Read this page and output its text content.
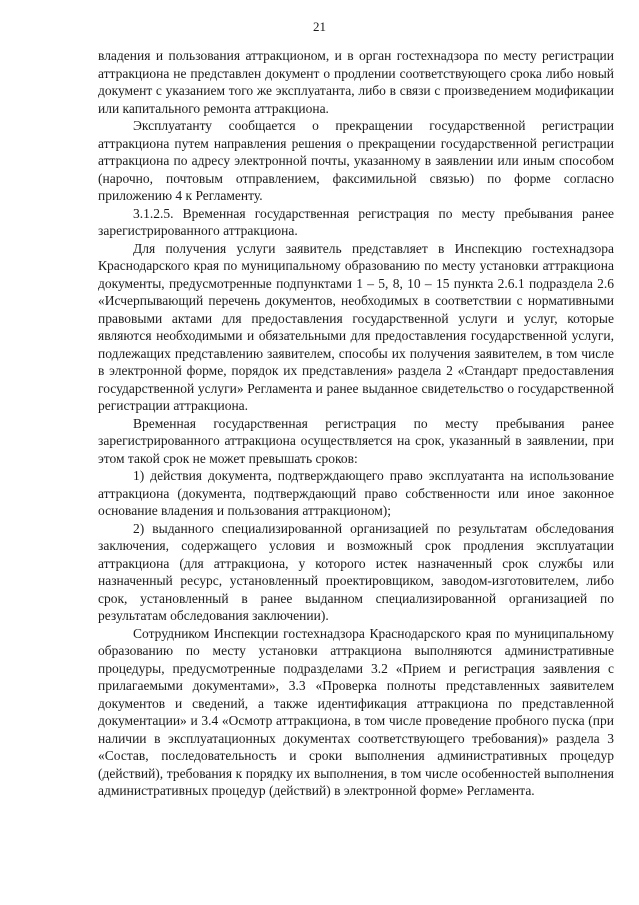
21

владения и пользования аттракционом, и в орган гостехнадзора по месту регистрации аттракциона не представлен документ о продлении соответствующего срока либо новый документ с указанием того же эксплуатанта, либо в связи с произведением модификации или капитального ремонта аттракциона.

Эксплуатанту сообщается о прекращении государственной регистрации аттракциона путем направления решения о прекращении государственной регистрации аттракциона по адресу электронной почты, указанному в заявлении или иным способом (нарочно, почтовым отправлением, факсимильной связью) по форме согласно приложению 4 к Регламенту.

3.1.2.5. Временная государственная регистрация по месту пребывания ранее зарегистрированного аттракциона.

Для получения услуги заявитель представляет в Инспекцию гостехнадзора Краснодарского края по муниципальному образованию по месту установки аттракциона документы, предусмотренные подпунктами 1 – 5, 8, 10 – 15 пункта 2.6.1 подраздела 2.6 «Исчерпывающий перечень документов, необходимых в соответствии с нормативными правовыми актами для предоставления государственной услуги и услуг, которые являются необходимыми и обязательными для предоставления государственной услуги, подлежащих представлению заявителем, способы их получения заявителем, в том числе в электронной форме, порядок их представления» раздела 2 «Стандарт предоставления государственной услуги» Регламента и ранее выданное свидетельство о государственной регистрации аттракциона.

Временная государственная регистрация по месту пребывания ранее зарегистрированного аттракциона осуществляется на срок, указанный в заявлении, при этом такой срок не может превышать сроков:

1) действия документа, подтверждающего право эксплуатанта на использование аттракциона (документа, подтверждающий право собственности или иное законное основание владения и пользования аттракционом);

2) выданного специализированной организацией по результатам обследования заключения, содержащего условия и возможный срок продления эксплуатации аттракциона (для аттракциона, у которого истек назначенный срок службы или назначенный ресурс, установленный проектировщиком, заводом-изготовителем, либо срок, установленный в ранее выданном специализированной организацией по результатам обследования заключении).

Сотрудником Инспекции гостехнадзора Краснодарского края по муниципальному образованию по месту установки аттракциона выполняются административные процедуры, предусмотренные подразделами 3.2 «Прием и регистрация заявления с прилагаемыми документами», 3.3 «Проверка полноты представленных заявителем документов и сведений, а также идентификация аттракциона по представленной документации» и 3.4 «Осмотр аттракциона, в том числе проведение пробного пуска (при наличии в эксплуатационных документах соответствующего требования)» раздела 3 «Состав, последовательность и сроки выполнения административных процедур (действий), требования к порядку их выполнения, в том числе особенностей выполнения административных процедур (действий) в электронной форме» Регламента.
